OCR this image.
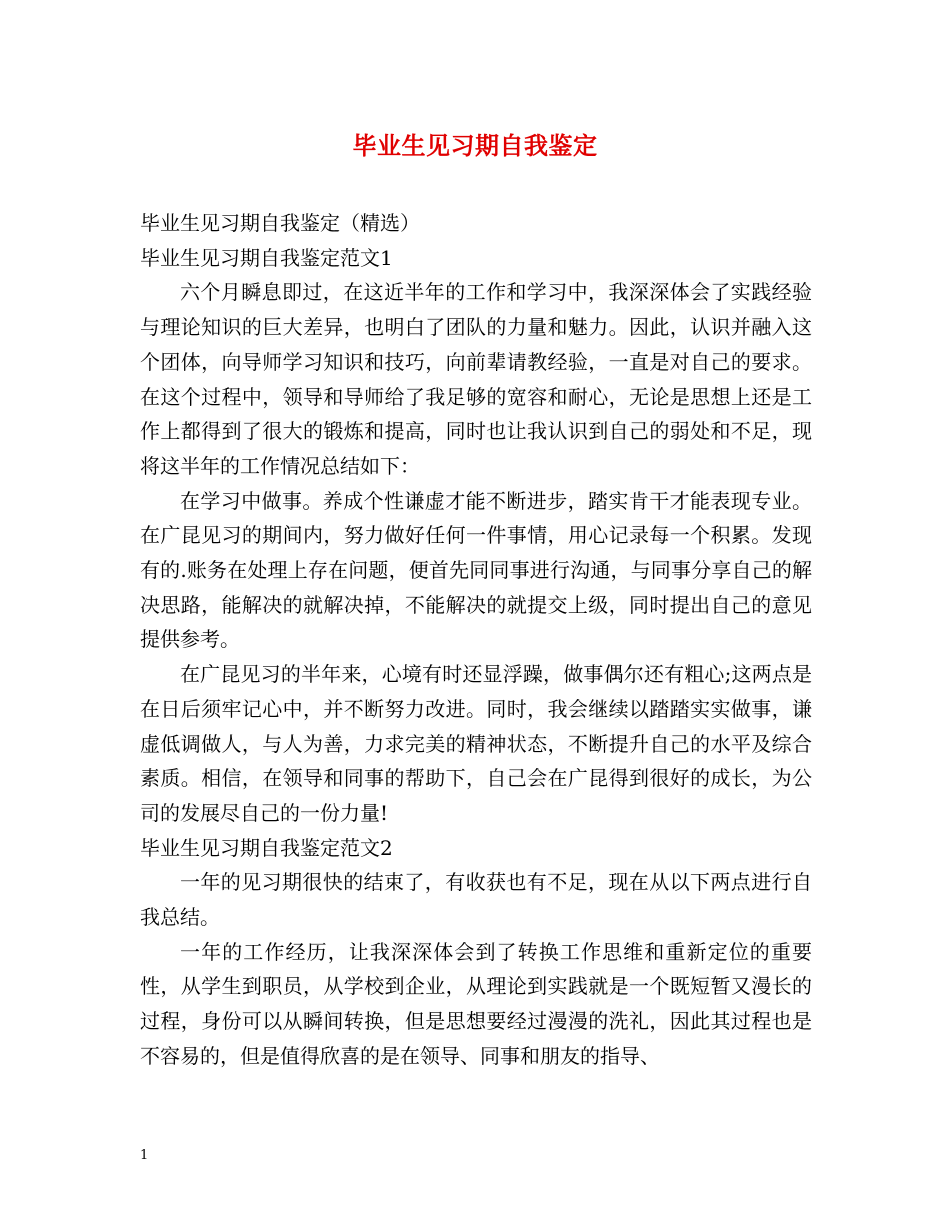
毕业生见习期自我鉴定

毕业生见习期自我鉴定（精选）

毕业生见习期自我鉴定范文1

六个月瞬息即过，在这近半年的工作和学习中，我深深体会了实践经验与理论知识的巨大差异，也明白了团队的力量和魅力。因此，认识并融入这个团体，向导师学习知识和技巧，向前辈请教经验，一直是对自己的要求。在这个过程中，领导和导师给了我足够的宽容和耐心，无论是思想上还是工作上都得到了很大的锻炼和提高，同时也让我认识到自己的弱处和不足，现将这半年的工作情况总结如下：

在学习中做事。养成个性谦虚才能不断进步，踏实肯干才能表现专业。在广昆见习的期间内，努力做好任何一件事情，用心记录每一个积累。发现有的.账务在处理上存在问题，便首先同同事进行沟通，与同事分享自己的解决思路，能解决的就解决掉，不能解决的就提交上级，同时提出自己的意见提供参考。

在广昆见习的半年来，心境有时还显浮躁，做事偶尔还有粗心;这两点是在日后须牢记心中，并不断努力改进。同时，我会继续以踏踏实实做事，谦虚低调做人，与人为善，力求完美的精神状态，不断提升自己的水平及综合素质。相信，在领导和同事的帮助下，自己会在广昆得到很好的成长，为公司的发展尽自己的一份力量!

毕业生见习期自我鉴定范文2

一年的见习期很快的结束了，有收获也有不足，现在从以下两点进行自我总结。

一年的工作经历，让我深深体会到了转换工作思维和重新定位的重要性，从学生到职员，从学校到企业，从理论到实践就是一个既短暂又漫长的过程，身份可以从瞬间转换，但是思想要经过漫漫的洗礼，因此其过程也是不容易的，但是值得欣喜的是在领导、同事和朋友的指导、

1
